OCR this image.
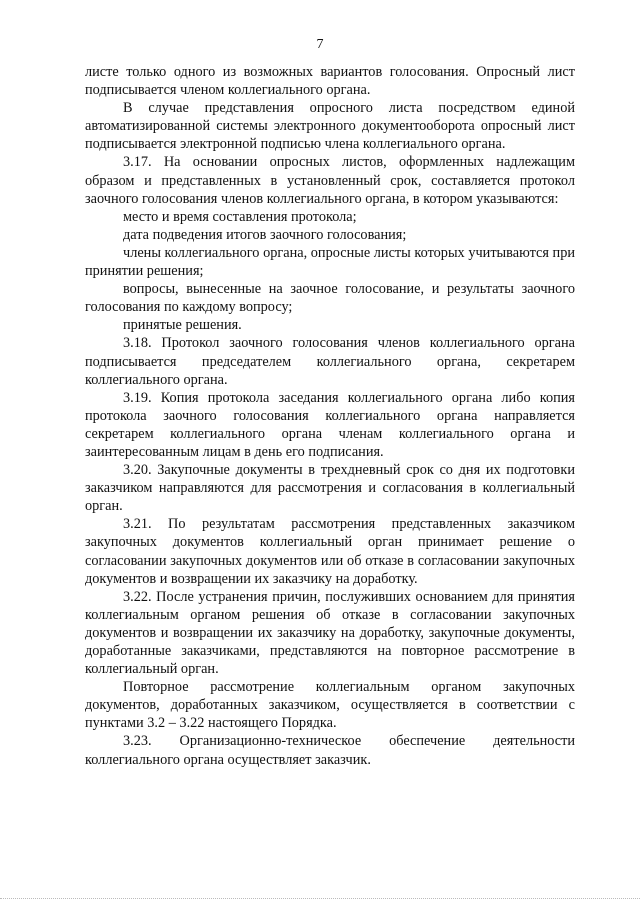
7

листе только одного из возможных вариантов голосования. Опросный лист подписывается членом коллегиального органа.

В случае представления опросного листа посредством единой автоматизированной системы электронного документооборота опросный лист подписывается электронной подписью члена коллегиального органа.

3.17. На основании опросных листов, оформленных надлежащим образом и представленных в установленный срок, составляется протокол заочного голосования членов коллегиального органа, в котором указываются:

место и время составления протокола;

дата подведения итогов заочного голосования;

члены коллегиального органа, опросные листы которых учитываются при принятии решения;

вопросы, вынесенные на заочное голосование, и результаты заочного голосования по каждому вопросу;

принятые решения.

3.18. Протокол заочного голосования членов коллегиального органа подписывается председателем коллегиального органа, секретарем коллегиального органа.

3.19. Копия протокола заседания коллегиального органа либо копия протокола заочного голосования коллегиального органа направляется секретарем коллегиального органа членам коллегиального органа и заинтересованным лицам в день его подписания.

3.20. Закупочные документы в трехдневный срок со дня их подготовки заказчиком направляются для рассмотрения и согласования в коллегиальный орган.

3.21. По результатам рассмотрения представленных заказчиком закупочных документов коллегиальный орган принимает решение о согласовании закупочных документов или об отказе в согласовании закупочных документов и возвращении их заказчику на доработку.

3.22. После устранения причин, послуживших основанием для принятия коллегиальным органом решения об отказе в согласовании закупочных документов и возвращении их заказчику на доработку, закупочные документы, доработанные заказчиками, представляются на повторное рассмотрение в коллегиальный орган.

Повторное рассмотрение коллегиальным органом закупочных документов, доработанных заказчиком, осуществляется в соответствии с пунктами 3.2 – 3.22 настоящего Порядка.

3.23. Организационно-техническое обеспечение деятельности коллегиального органа осуществляет заказчик.
